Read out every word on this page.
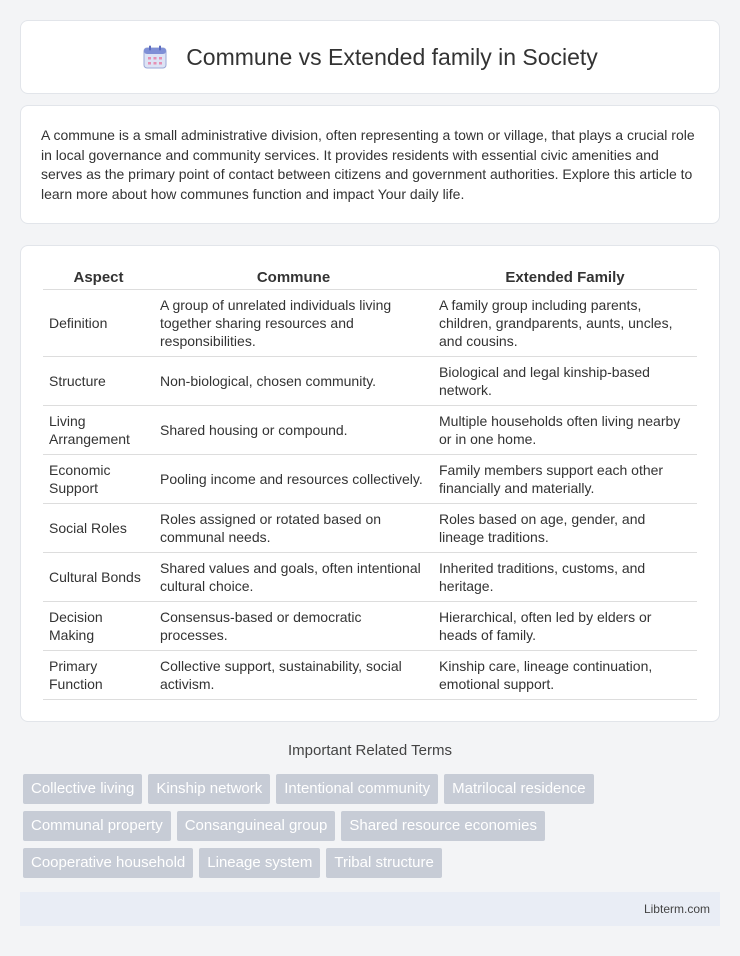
Commune vs Extended family in Society

A commune is a small administrative division, often representing a town or village, that plays a crucial role in local governance and community services. It provides residents with essential civic amenities and serves as the primary point of contact between citizens and government authorities. Explore this article to learn more about how communes function and impact Your daily life.

Aspect	Commune	Extended Family
Definition	A group of unrelated individuals living together sharing resources and responsibilities.	A family group including parents, children, grandparents, aunts, uncles, and cousins.
Structure	Non-biological, chosen community.	Biological and legal kinship-based network.
Living Arrangement	Shared housing or compound.	Multiple households often living nearby or in one home.
Economic Support	Pooling income and resources collectively.	Family members support each other financially and materially.
Social Roles	Roles assigned or rotated based on communal needs.	Roles based on age, gender, and lineage traditions.
Cultural Bonds	Shared values and goals, often intentional cultural choice.	Inherited traditions, customs, and heritage.
Decision Making	Consensus-based or democratic processes.	Hierarchical, often led by elders or heads of family.
Primary Function	Collective support, sustainability, social activism.	Kinship care, lineage continuation, emotional support.
Important Related Terms
Collective living	Kinship network	Intentional community	Matrilocal residence
Communal property	Consanguineal group	Shared resource economies
Cooperative household	Lineage system	Tribal structure
Libterm.com
